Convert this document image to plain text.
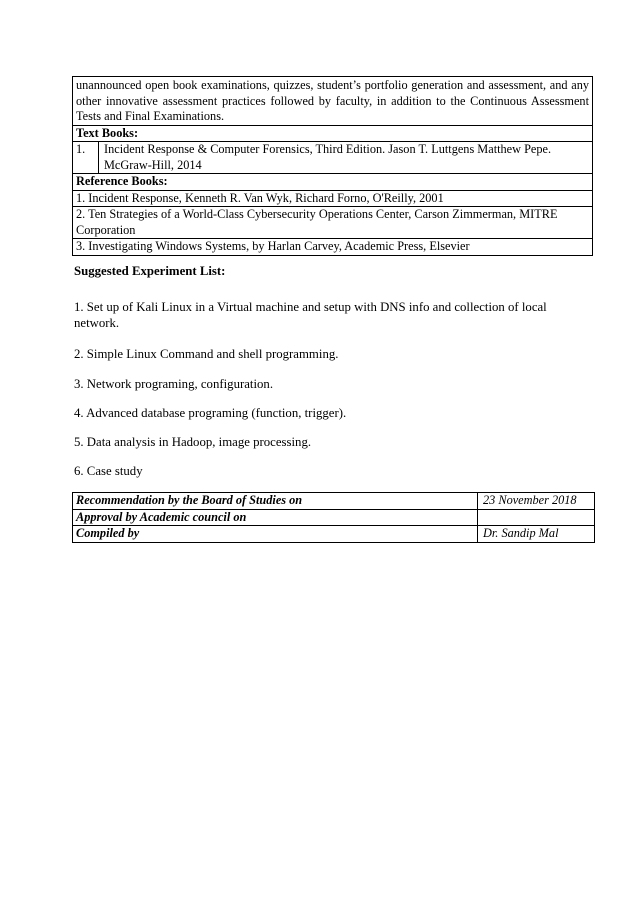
unannounced open book examinations, quizzes, student’s portfolio generation and assessment, and any other innovative assessment practices followed by faculty, in addition to the Continuous Assessment Tests and Final Examinations.
Text Books:
1.	Incident Response & Computer Forensics, Third Edition. Jason T. Luttgens Matthew Pepe. McGraw-Hill, 2014
Reference Books:
1. Incident Response, Kenneth R. Van Wyk, Richard Forno, O'Reilly, 2001
2. Ten Strategies of a World-Class Cybersecurity Operations Center, Carson Zimmerman, MITRE Corporation
3. Investigating Windows Systems, by Harlan Carvey, Academic Press, Elsevier
Suggested Experiment List:
1. Set up of Kali Linux in a Virtual machine and setup with DNS info and collection of local network.
2. Simple Linux Command and shell programming.
3. Network programing, configuration.
4. Advanced database programing (function, trigger).
5. Data analysis in Hadoop, image processing.
6. Case study
Recommendation by the Board of Studies on	23 November 2018
Approval by Academic council on
Compiled by	Dr. Sandip Mal
